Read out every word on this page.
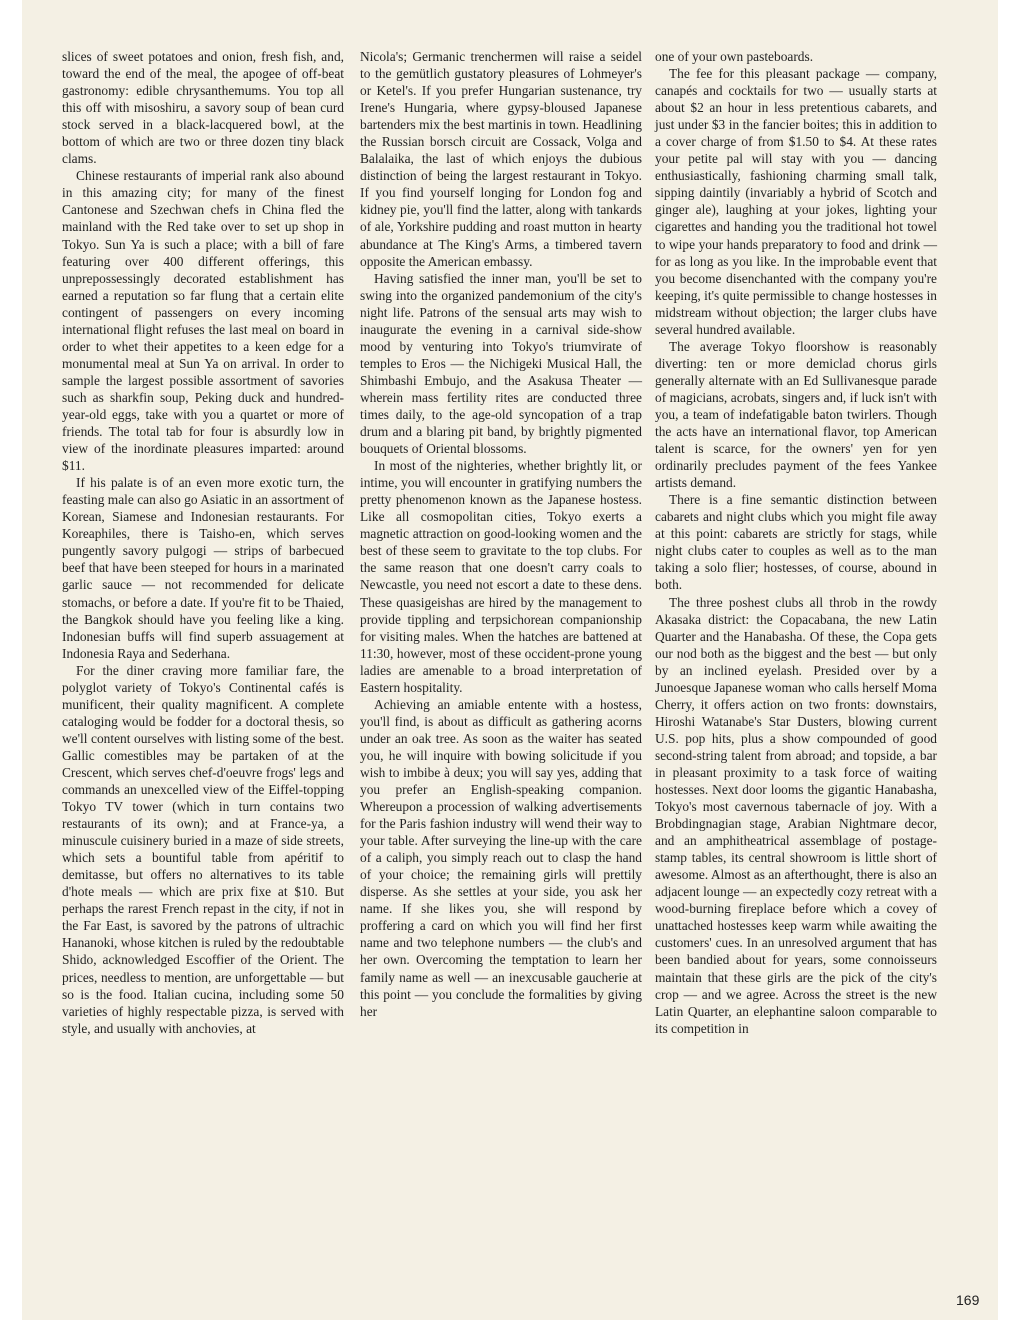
slices of sweet potatoes and onion, fresh fish, and, toward the end of the meal, the apogee of off-beat gastronomy: edible chrysanthemums. You top all this off with misoshiru, a savory soup of bean curd stock served in a black-lacquered bowl, at the bottom of which are two or three dozen tiny black clams.

Chinese restaurants of imperial rank also abound in this amazing city; for many of the finest Cantonese and Szechwan chefs in China fled the mainland with the Red take over to set up shop in Tokyo. Sun Ya is such a place; with a bill of fare featuring over 400 different offerings, this unprepossessingly decorated establishment has earned a reputation so far flung that a certain elite contingent of passengers on every incoming international flight refuses the last meal on board in order to whet their appetites to a keen edge for a monumental meal at Sun Ya on arrival. In order to sample the largest possible assortment of savories such as sharkfin soup, Peking duck and hundred-year-old eggs, take with you a quartet or more of friends. The total tab for four is absurdly low in view of the inordinate pleasures imparted: around $11.

If his palate is of an even more exotic turn, the feasting male can also go Asiatic in an assortment of Korean, Siamese and Indonesian restaurants. For Koreaphiles, there is Taisho-en, which serves pungently savory pulgogi — strips of barbecued beef that have been steeped for hours in a marinated garlic sauce — not recommended for delicate stomachs, or before a date. If you're fit to be Thaied, the Bangkok should have you feeling like a king. Indonesian buffs will find superb assuagement at Indonesia Raya and Sederhana.

For the diner craving more familiar fare, the polyglot variety of Tokyo's Continental cafés is munificent, their quality magnificent. A complete cataloging would be fodder for a doctoral thesis, so we'll content ourselves with listing some of the best. Gallic comestibles may be partaken of at the Crescent, which serves chef-d'oeuvre frogs' legs and commands an unexcelled view of the Eiffel-topping Tokyo TV tower (which in turn contains two restaurants of its own); and at France-ya, a minuscule cuisinery buried in a maze of side streets, which sets a bountiful table from apéritif to demitasse, but offers no alternatives to its table d'hote meals — which are prix fixe at $10. But perhaps the rarest French repast in the city, if not in the Far East, is savored by the patrons of ultrachic Hananoki, whose kitchen is ruled by the redoubtable Shido, acknowledged Escoffier of the Orient. The prices, needless to mention, are unforgettable — but so is the food. Italian cucina, including some 50 varieties of highly respectable pizza, is served with style, and usually with anchovies, at

Nicola's; Germanic trenchermen will raise a seidel to the gemütlich gustatory pleasures of Lohmeyer's or Ketel's. If you prefer Hungarian sustenance, try Irene's Hungaria, where gypsy-bloused Japanese bartenders mix the best martinis in town. Headlining the Russian borsch circuit are Cossack, Volga and Balalaika, the last of which enjoys the dubious distinction of being the largest restaurant in Tokyo. If you find yourself longing for London fog and kidney pie, you'll find the latter, along with tankards of ale, Yorkshire pudding and roast mutton in hearty abundance at The King's Arms, a timbered tavern opposite the American embassy.

Having satisfied the inner man, you'll be set to swing into the organized pandemonium of the city's night life. Patrons of the sensual arts may wish to inaugurate the evening in a carnival side-show mood by venturing into Tokyo's triumvirate of temples to Eros — the Nichigeki Musical Hall, the Shimbashi Embujo, and the Asakusa Theater — wherein mass fertility rites are conducted three times daily, to the age-old syncopation of a trap drum and a blaring pit band, by brightly pigmented bouquets of Oriental blossoms.

In most of the nighteries, whether brightly lit, or intime, you will encounter in gratifying numbers the pretty phenomenon known as the Japanese hostess. Like all cosmopolitan cities, Tokyo exerts a magnetic attraction on good-looking women and the best of these seem to gravitate to the top clubs. For the same reason that one doesn't carry coals to Newcastle, you need not escort a date to these dens. These quasigeishas are hired by the management to provide tippling and terpsichorean companionship for visiting males. When the hatches are battened at 11:30, however, most of these occident-prone young ladies are amenable to a broad interpretation of Eastern hospitality.

Achieving an amiable entente with a hostess, you'll find, is about as difficult as gathering acorns under an oak tree. As soon as the waiter has seated you, he will inquire with bowing solicitude if you wish to imbibe à deux; you will say yes, adding that you prefer an English-speaking companion. Whereupon a procession of walking advertisements for the Paris fashion industry will wend their way to your table. After surveying the line-up with the care of a caliph, you simply reach out to clasp the hand of your choice; the remaining girls will prettily disperse. As she settles at your side, you ask her name. If she likes you, she will respond by proffering a card on which you will find her first name and two telephone numbers — the club's and her own. Overcoming the temptation to learn her family name as well — an inexcusable gaucherie at this point — you conclude the formalities by giving her

one of your own pasteboards.

The fee for this pleasant package — company, canapés and cocktails for two — usually starts at about $2 an hour in less pretentious cabarets, and just under $3 in the fancier boites; this in addition to a cover charge of from $1.50 to $4. At these rates your petite pal will stay with you — dancing enthusiastically, fashioning charming small talk, sipping daintily (invariably a hybrid of Scotch and ginger ale), laughing at your jokes, lighting your cigarettes and handing you the traditional hot towel to wipe your hands preparatory to food and drink — for as long as you like. In the improbable event that you become disenchanted with the company you're keeping, it's quite permissible to change hostesses in midstream without objection; the larger clubs have several hundred available.

The average Tokyo floorshow is reasonably diverting: ten or more demiclad chorus girls generally alternate with an Ed Sullivanesque parade of magicians, acrobats, singers and, if luck isn't with you, a team of indefatigable baton twirlers. Though the acts have an international flavor, top American talent is scarce, for the owners' yen for yen ordinarily precludes payment of the fees Yankee artists demand.

There is a fine semantic distinction between cabarets and night clubs which you might file away at this point: cabarets are strictly for stags, while night clubs cater to couples as well as to the man taking a solo flier; hostesses, of course, abound in both.

The three poshest clubs all throb in the rowdy Akasaka district: the Copacabana, the new Latin Quarter and the Hanabasha. Of these, the Copa gets our nod both as the biggest and the best — but only by an inclined eyelash. Presided over by a Junoesque Japanese woman who calls herself Moma Cherry, it offers action on two fronts: downstairs, Hiroshi Watanabe's Star Dusters, blowing current U.S. pop hits, plus a show compounded of good second-string talent from abroad; and topside, a bar in pleasant proximity to a task force of waiting hostesses. Next door looms the gigantic Hanabasha, Tokyo's most cavernous tabernacle of joy. With a Brobdingnagian stage, Arabian Nightmare decor, and an amphitheatrical assemblage of postage-stamp tables, its central showroom is little short of awesome. Almost as an afterthought, there is also an adjacent lounge — an expectedly cozy retreat with a wood-burning fireplace before which a covey of unattached hostesses keep warm while awaiting the customers' cues. In an unresolved argument that has been bandied about for years, some connoisseurs maintain that these girls are the pick of the city's crop — and we agree. Across the street is the new Latin Quarter, an elephantine saloon comparable to its competition in

169
